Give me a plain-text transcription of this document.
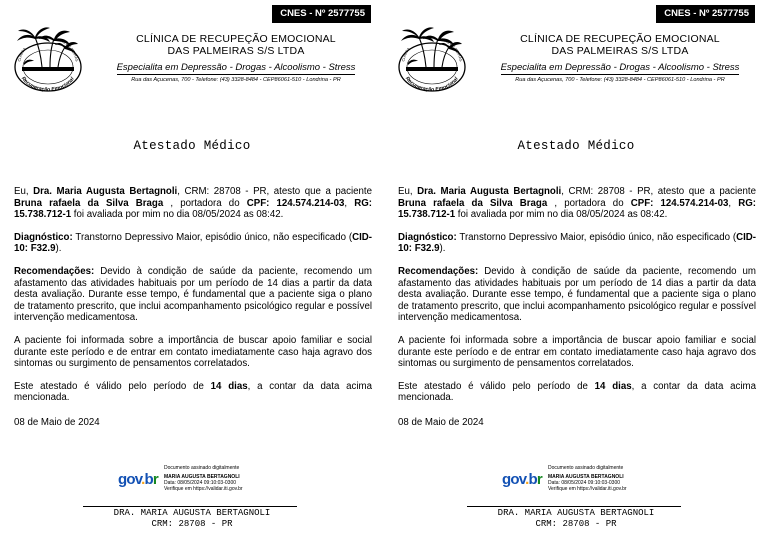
CNES - Nº 2577755
CLÍNICA
DAS PALMEIRAS
Recuperação Emocional
CLÍNICA DE RECUPEÇÃO EMOCIONAL
DAS PALMEIRAS S/S LTDA
Especialita em Depressão - Drogas - Alcoolismo - Stress
Rua das Açucenas, 700 - Telefone: (43) 3328-8484 - CEP86061-510 - Londrina - PR
Atestado Médico

Eu, Dra. Maria Augusta Bertagnoli, CRM: 28708 - PR, atesto que a paciente Bruna rafaela da Silva Braga , portadora do CPF: 124.574.214-03, RG: 15.738.712-1 foi avaliada por mim no dia 08/05/2024 as 08:42.

Diagnóstico: Transtorno Depressivo Maior, episódio único, não especificado (CID-10: F32.9).

Recomendações: Devido à condição de saúde da paciente, recomendo um afastamento das atividades habituais por um período de 14 dias a partir da data desta avaliação. Durante esse tempo, é fundamental que a paciente siga o plano de tratamento prescrito, que inclui acompanhamento psicológico regular e possível intervenção medicamentosa.

A paciente foi informada sobre a importância de buscar apoio familiar e social durante este período e de entrar em contato imediatamente caso haja agravo dos sintomas ou surgimento de pensamentos correlatados.

Este atestado é válido pelo período de 14 dias, a contar da data acima mencionada.

08 de Maio de 2024

gov.br
Documento assinado digitalmente
MARIA AUGUSTA BERTAGNOLI
Data: 08/05/2024 09:10:03-0300
Verifique em https://validar.iti.gov.br
DRA. MARIA AUGUSTA BERTAGNOLI
CRM: 28708 - PR
CNES - Nº 2577755
CLÍNICA
DAS PALMEIRAS
Recuperação Emocional
CLÍNICA DE RECUPEÇÃO EMOCIONAL
DAS PALMEIRAS S/S LTDA
Especialita em Depressão - Drogas - Alcoolismo - Stress
Rua das Açucenas, 700 - Telefone: (43) 3328-8484 - CEP86061-510 - Londrina - PR
Atestado Médico

Eu, Dra. Maria Augusta Bertagnoli, CRM: 28708 - PR, atesto que a paciente Bruna rafaela da Silva Braga , portadora do CPF: 124.574.214-03, RG: 15.738.712-1 foi avaliada por mim no dia 08/05/2024 as 08:42.

Diagnóstico: Transtorno Depressivo Maior, episódio único, não especificado (CID-10: F32.9).

Recomendações: Devido à condição de saúde da paciente, recomendo um afastamento das atividades habituais por um período de 14 dias a partir da data desta avaliação. Durante esse tempo, é fundamental que a paciente siga o plano de tratamento prescrito, que inclui acompanhamento psicológico regular e possível intervenção medicamentosa.

A paciente foi informada sobre a importância de buscar apoio familiar e social durante este período e de entrar em contato imediatamente caso haja agravo dos sintomas ou surgimento de pensamentos correlatados.

Este atestado é válido pelo período de 14 dias, a contar da data acima mencionada.

08 de Maio de 2024

gov.br
Documento assinado digitalmente
MARIA AUGUSTA BERTAGNOLI
Data: 08/05/2024 09:10:03-0300
Verifique em https://validar.iti.gov.br
DRA. MARIA AUGUSTA BERTAGNOLI
CRM: 28708 - PR
